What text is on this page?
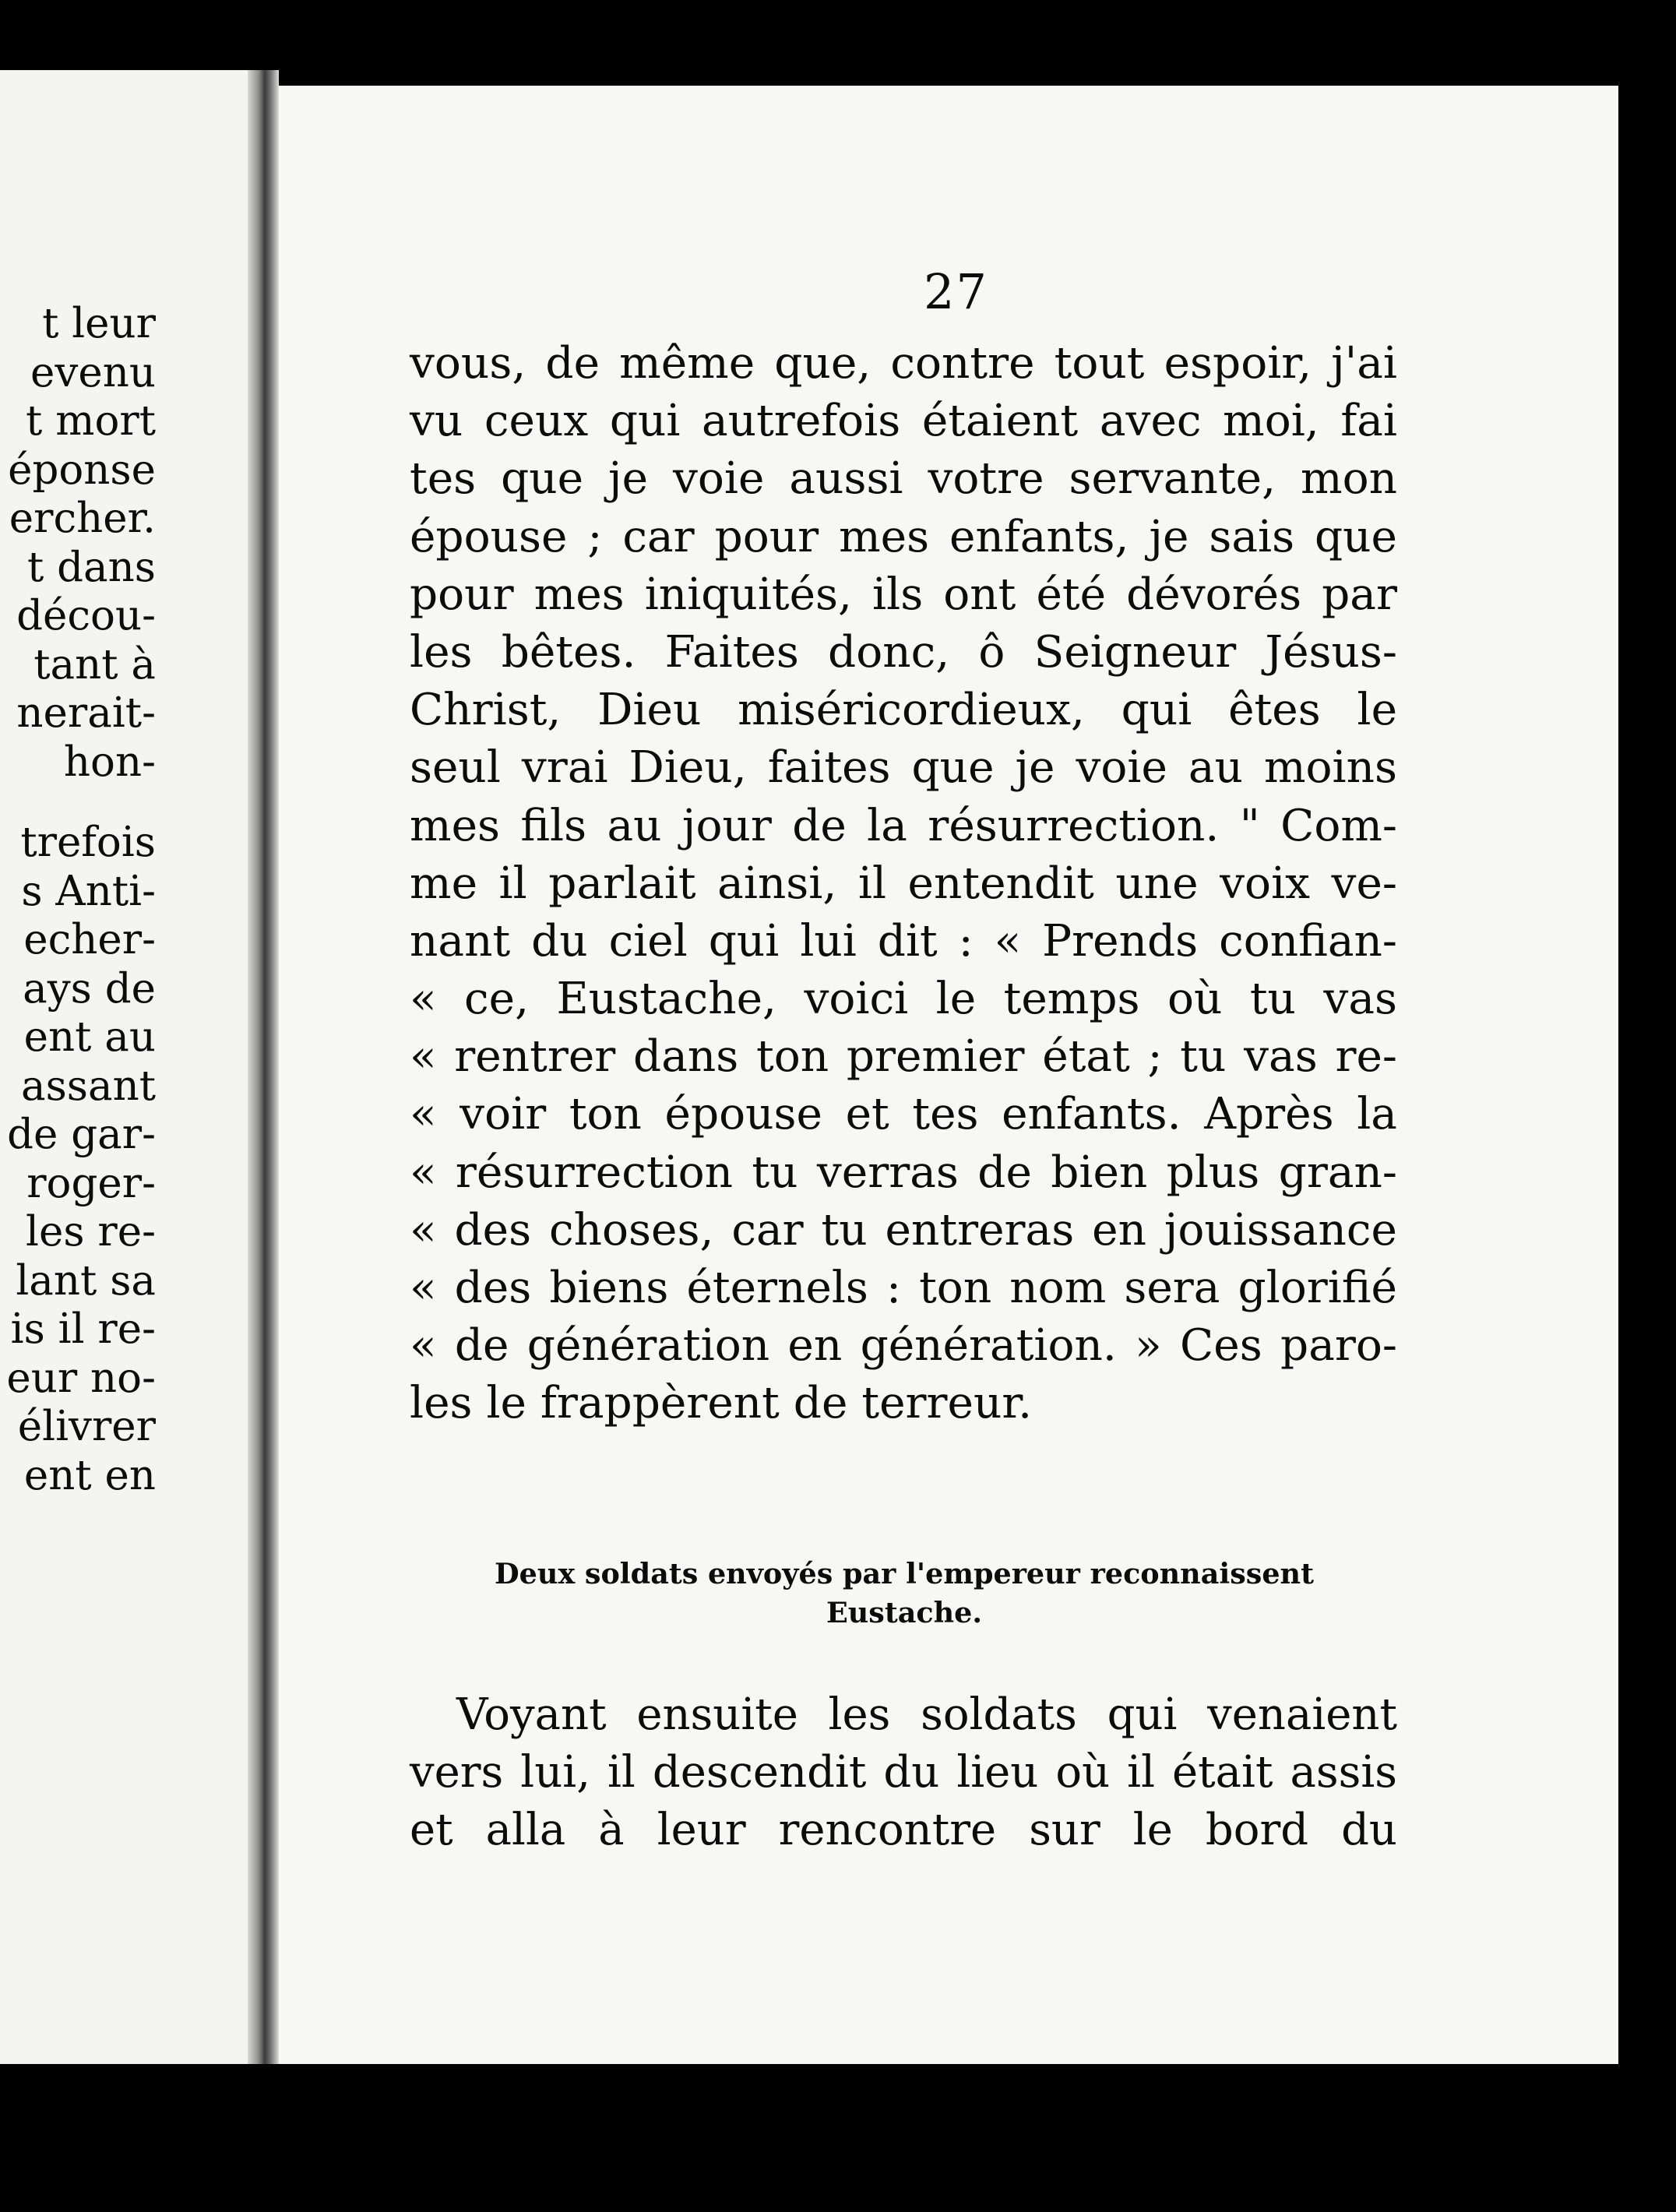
t leur
evenu
t mort
éponse
ercher.
t dans
décou-
tant à
nerait-
hon-
trefois
s Anti-
echer-
ays de
ent au
assant
de gar-
roger-
les re-
lant sa
is il re-
eur no-
élivrer
ent en
27
vous, de même que, contre tout espoir, j'ai
vu ceux qui autrefois étaient avec moi, fai
tes que je voie aussi votre servante, mon
épouse ; car pour mes enfants, je sais que
pour mes iniquités, ils ont été dévorés par
les bêtes. Faites donc, ô Seigneur Jésus-
Christ, Dieu miséricordieux, qui êtes le
seul vrai Dieu, faites que je voie au moins
mes fils au jour de la résurrection. " Com-
me il parlait ainsi, il entendit une voix ve-
nant du ciel qui lui dit : « Prends confian-
« ce, Eustache, voici le temps où tu vas
« rentrer dans ton premier état ; tu vas re-
« voir ton épouse et tes enfants. Après la
« résurrection tu verras de bien plus gran-
« des choses, car tu entreras en jouissance
« des biens éternels : ton nom sera glorifié
« de génération en génération. » Ces paro-
les le frappèrent de terreur.
Deux soldats envoyés par l'empereur reconnaissent
Eustache.
Voyant ensuite les soldats qui venaient
vers lui, il descendit du lieu où il était assis
et alla à leur rencontre sur le bord du
